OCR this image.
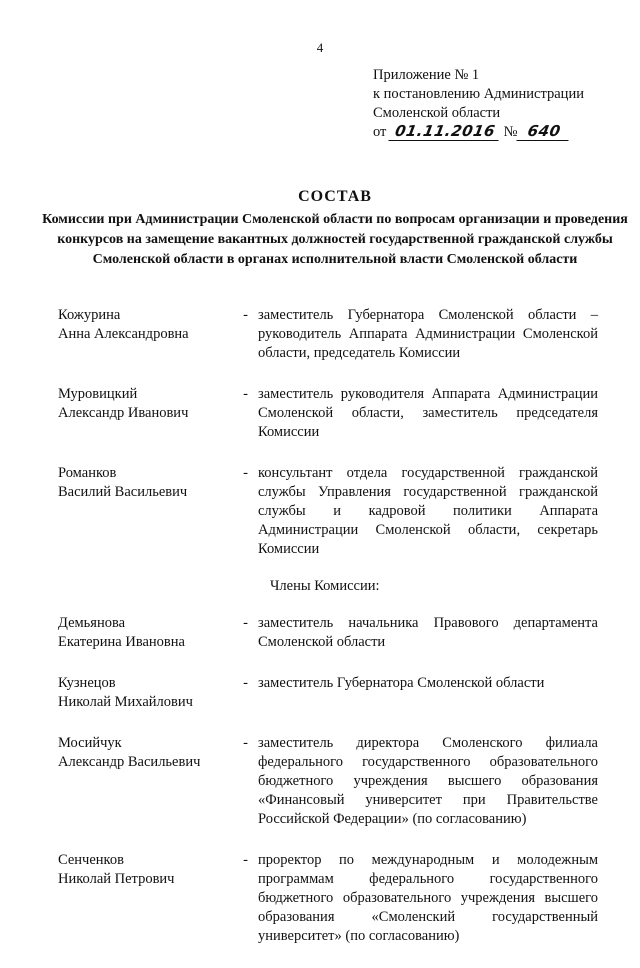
4
Приложение № 1
к постановлению Администрации
Смоленской области
от 01.11.2016 № 640
СОСТАВ
Комиссии при Администрации Смоленской области по вопросам организации и проведения конкурсов на замещение вакантных должностей государственной гражданской службы Смоленской области в органах исполнительной власти Смоленской области
Кожурина
Анна Александровна
- заместитель Губернатора Смоленской области – руководитель Аппарата Администрации Смоленской области, председатель Комиссии
Муровицкий
Александр Иванович
- заместитель руководителя Аппарата Администрации Смоленской области, заместитель председателя Комиссии
Романков
Василий Васильевич
- консультант отдела государственной гражданской службы Управления государственной гражданской службы и кадровой политики Аппарата Администрации Смоленской области, секретарь Комиссии
Члены Комиссии:
Демьянова
Екатерина Ивановна
- заместитель начальника Правового департамента Смоленской области
Кузнецов
Николай Михайлович
- заместитель Губернатора Смоленской области
Мосийчук
Александр Васильевич
- заместитель директора Смоленского филиала федерального государственного образовательного бюджетного учреждения высшего образования «Финансовый университет при Правительстве Российской Федерации» (по согласованию)
Сенченков
Николай Петрович
- проректор по международным и молодежным программам федерального государственного бюджетного образовательного учреждения высшего образования «Смоленский государственный университет» (по согласованию)
